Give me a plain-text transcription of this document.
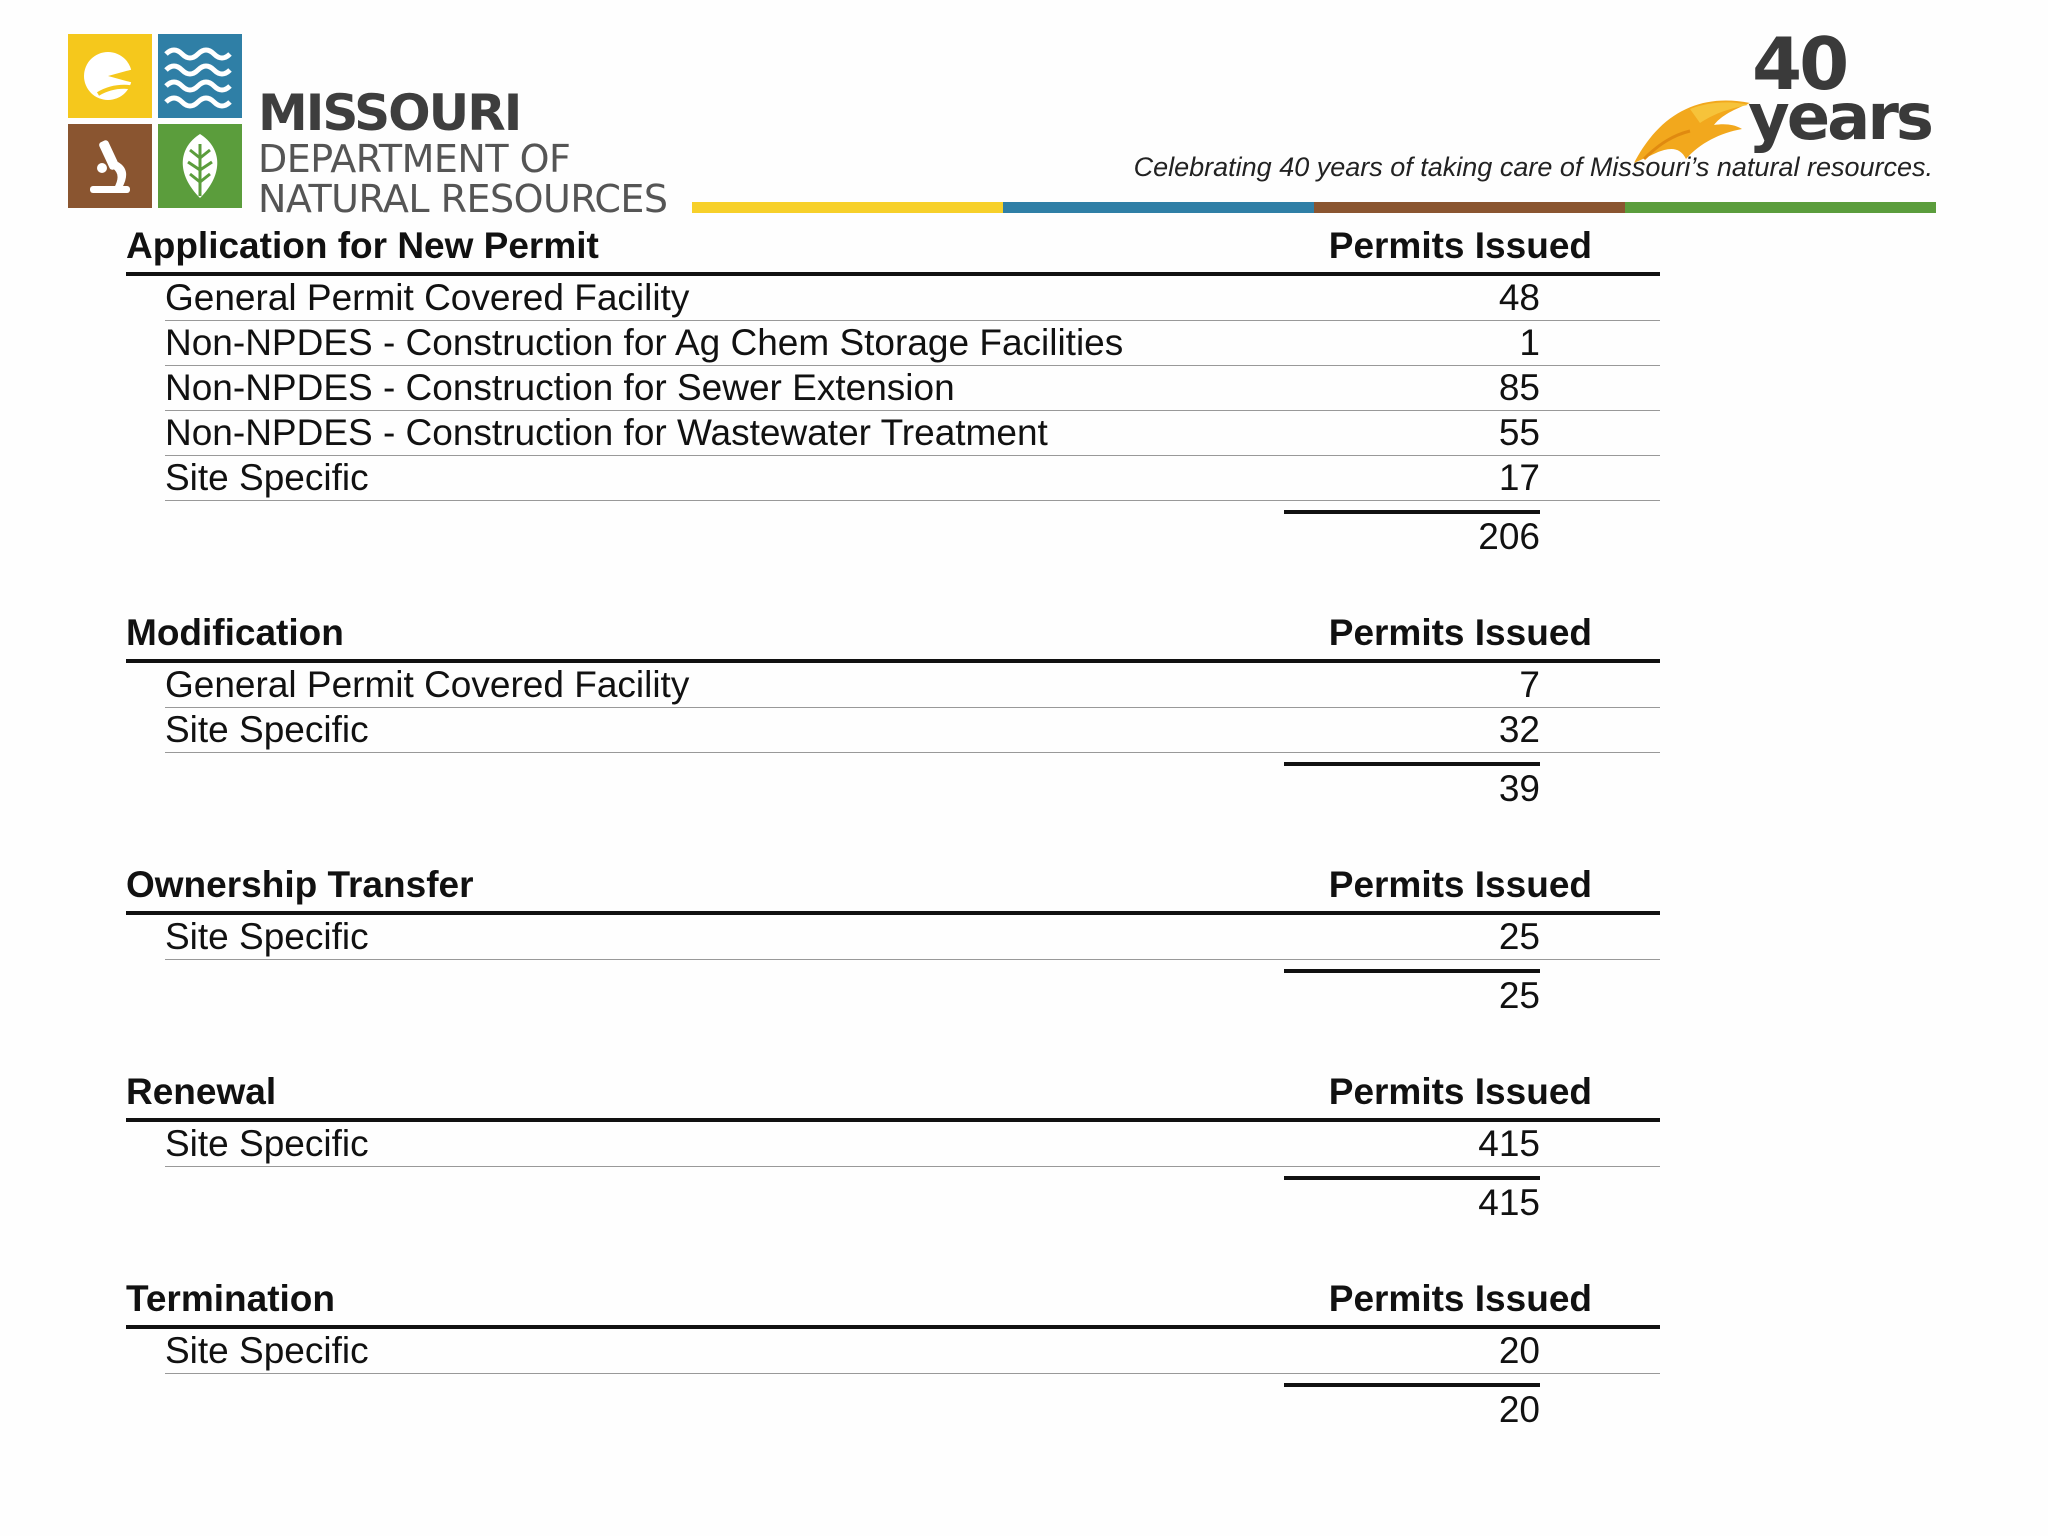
MISSOURI
DEPARTMENT OF
NATURAL RESOURCES
40
years
Celebrating 40 years of taking care of Missouri’s natural resources.
Application for New Permit	Permits Issued
General Permit Covered Facility	48
Non-NPDES - Construction for Ag Chem Storage Facilities	1
Non-NPDES - Construction for Sewer Extension	85
Non-NPDES - Construction for Wastewater Treatment	55
Site Specific	17
206
Modification	Permits Issued
General Permit Covered Facility	7
Site Specific	32
39
Ownership Transfer	Permits Issued
Site Specific	25
25
Renewal	Permits Issued
Site Specific	415
415
Termination	Permits Issued
Site Specific	20
20
